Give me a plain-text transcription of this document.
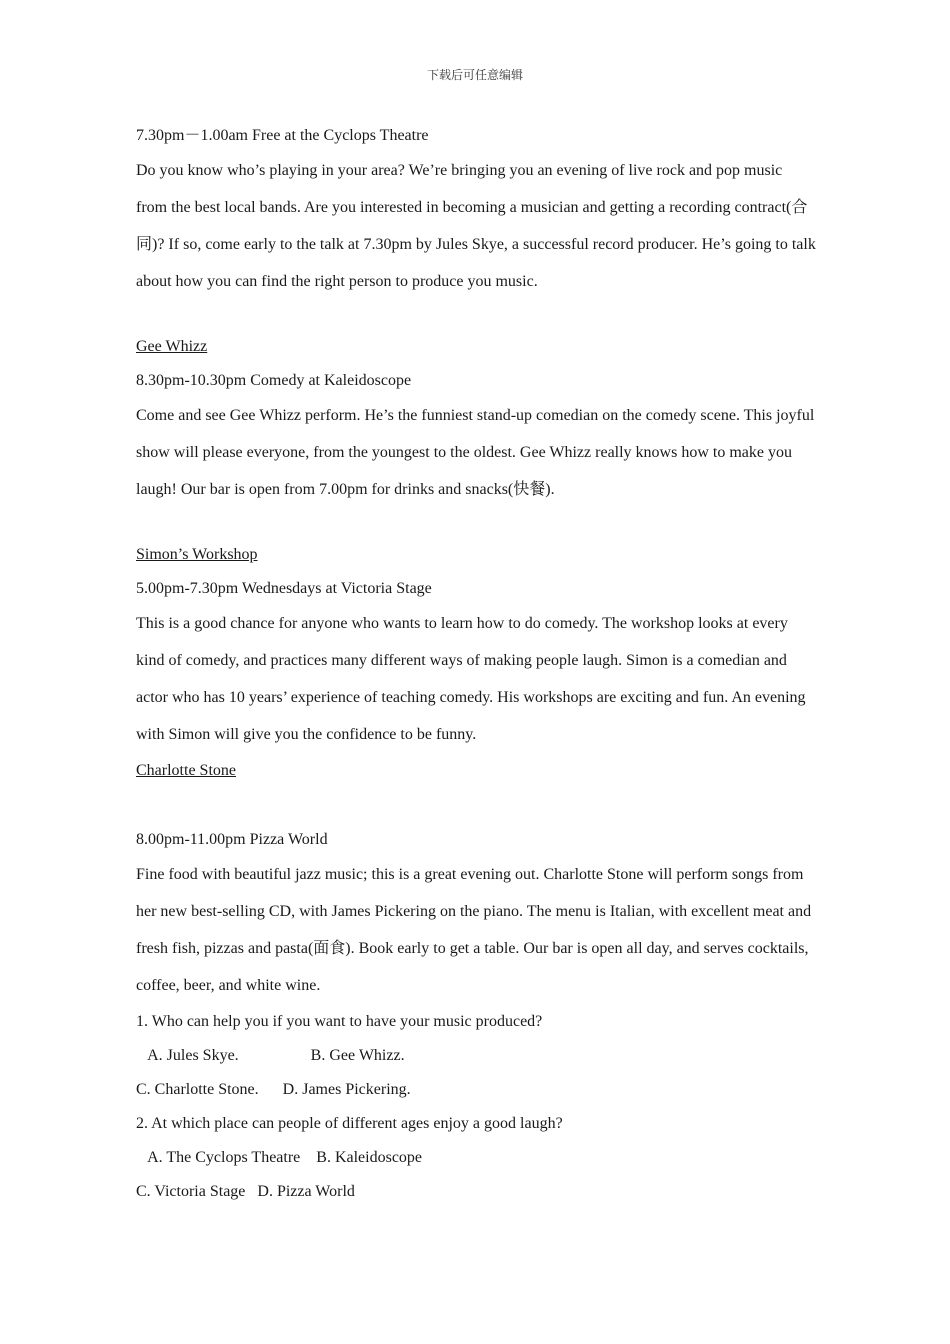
下载后可任意编辑
7.30pm－1.00am Free at the Cyclops Theatre
Do you know who’s playing in your area? We’re bringing you an evening of live rock and pop music from the best local bands. Are you interested in becoming a musician and getting a recording contract(合同)? If so, come early to the talk at 7.30pm by Jules Skye, a successful record producer. He’s going to talk about how you can find the right person to produce you music.
Gee Whizz
8.30pm-10.30pm Comedy at Kaleidoscope
Come and see Gee Whizz perform. He’s the funniest stand-up comedian on the comedy scene. This joyful show will please everyone, from the youngest to the oldest. Gee Whizz really knows how to make you laugh! Our bar is open from 7.00pm for drinks and snacks(快餐).
Simon’s Workshop
5.00pm-7.30pm Wednesdays at Victoria Stage
This is a good chance for anyone who wants to learn how to do comedy. The workshop looks at every kind of comedy, and practices many different ways of making people laugh. Simon is a comedian and actor who has 10 years’ experience of teaching comedy. His workshops are exciting and fun. An evening with Simon will give you the confidence to be funny.
Charlotte Stone
8.00pm-11.00pm Pizza World
Fine food with beautiful jazz music; this is a great evening out. Charlotte Stone will perform songs from her new best-selling CD, with James Pickering on the piano. The menu is Italian, with excellent meat and fresh fish, pizzas and pasta(面食). Book early to get a table. Our bar is open all day, and serves cocktails, coffee, beer, and white wine.
1. Who can help you if you want to have your music produced?
A. Jules Skye.                  B. Gee Whizz.
C. Charlotte Stone.      D. James Pickering.
2. At which place can people of different ages enjoy a good laugh?
A. The Cyclops Theatre    B. Kaleidoscope
C. Victoria Stage   D. Pizza World
